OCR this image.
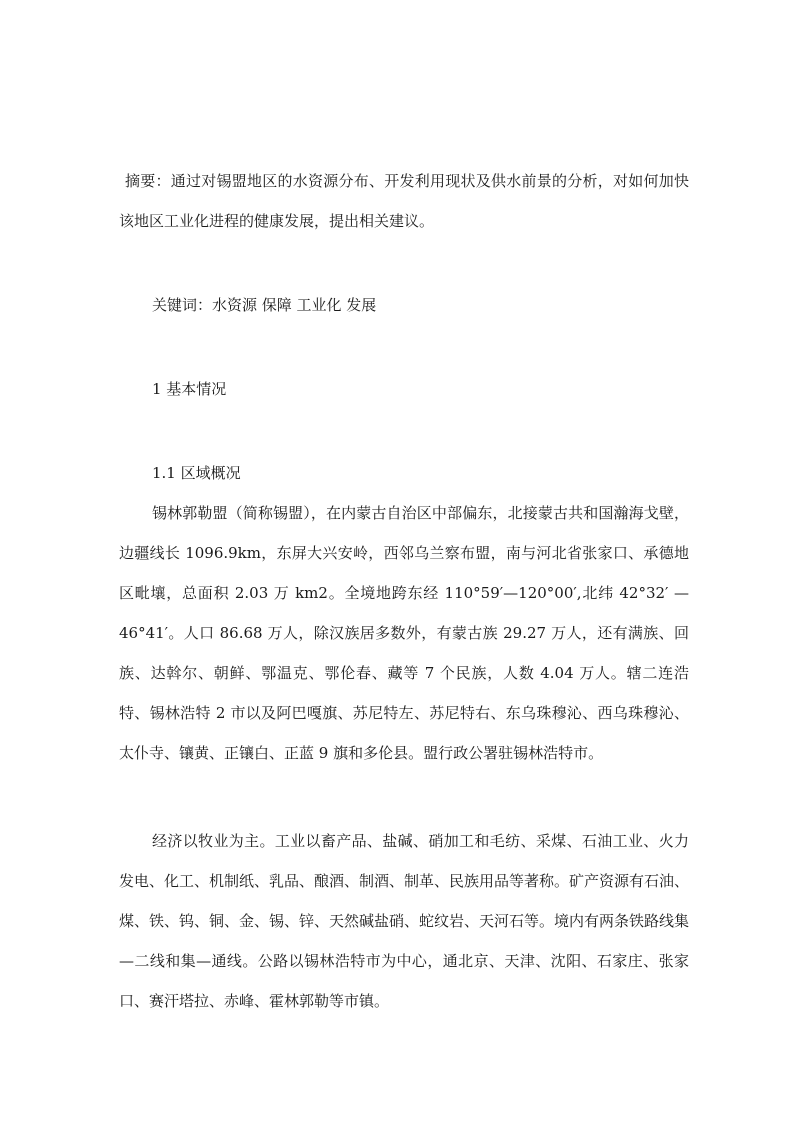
摘要：通过对锡盟地区的水资源分布、开发利用现状及供水前景的分析，对如何加快该地区工业化进程的健康发展，提出相关建议。
关键词：水资源 保障 工业化 发展
1 基本情况
1.1 区域概况
锡林郭勒盟（简称锡盟），在内蒙古自治区中部偏东，北接蒙古共和国瀚海戈壁，边疆线长 1096.9km，东屏大兴安岭，西邻乌兰察布盟，南与河北省张家口、承德地区毗壤，总面积 2.03 万 km2。全境地跨东经 110°59′—120°00′,北纬 42°32′ —46°41′。人口 86.68 万人，除汉族居多数外，有蒙古族 29.27 万人，还有满族、回族、达斡尔、朝鲜、鄂温克、鄂伦春、藏等 7 个民族，人数 4.04 万人。辖二连浩特、锡林浩特 2 市以及阿巴嘎旗、苏尼特左、苏尼特右、东乌珠穆沁、西乌珠穆沁、太仆寺、镶黄、正镶白、正蓝 9 旗和多伦县。盟行政公署驻锡林浩特市。
经济以牧业为主。工业以畜产品、盐碱、硝加工和毛纺、采煤、石油工业、火力发电、化工、机制纸、乳品、酿酒、制酒、制革、民族用品等著称。矿产资源有石油、煤、铁、钨、铜、金、锡、锌、天然碱盐硝、蛇纹岩、天河石等。境内有两条铁路线集—二线和集—通线。公路以锡林浩特市为中心，通北京、天津、沈阳、石家庄、张家口、赛汗塔拉、赤峰、霍林郭勒等市镇。
